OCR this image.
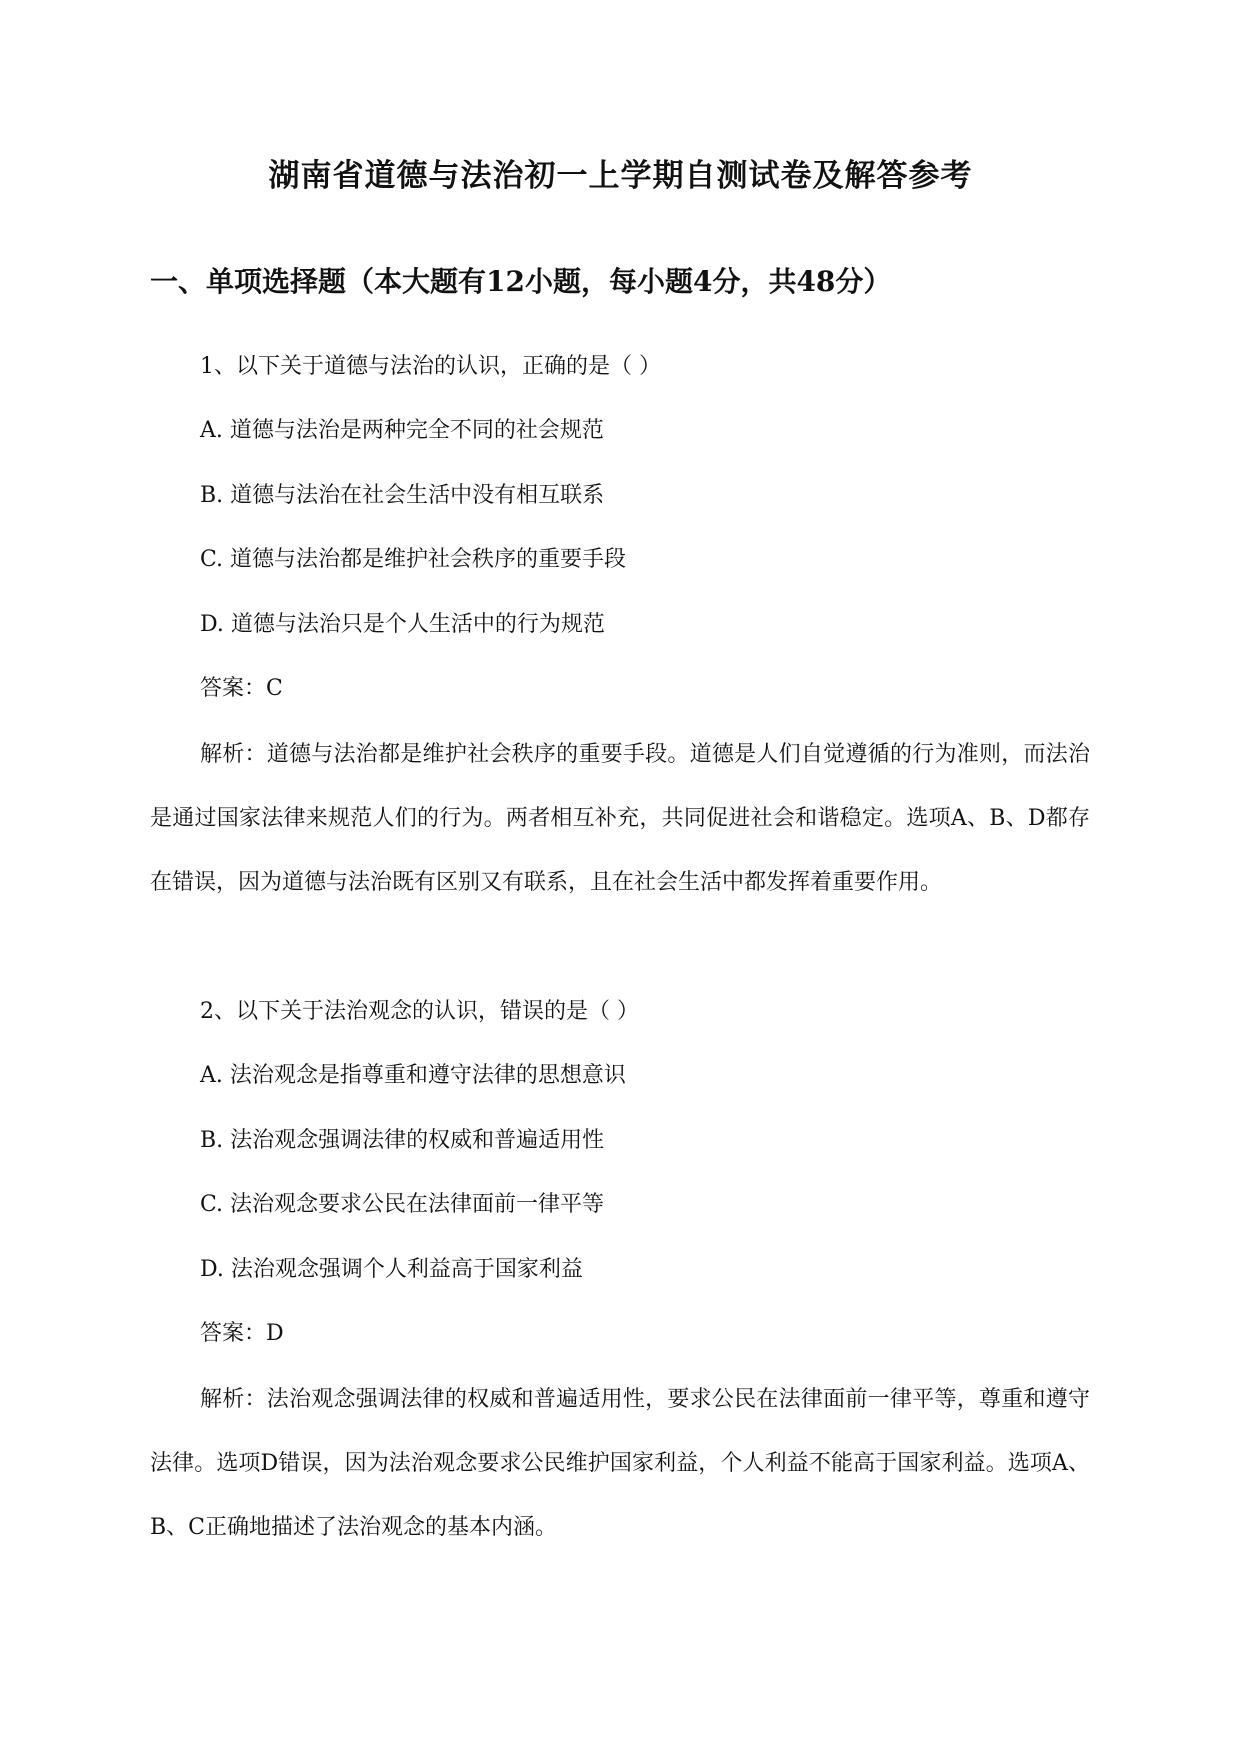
湖南省道德与法治初一上学期自测试卷及解答参考
一、单项选择题（本大题有12小题，每小题4分，共48分）
1、以下关于道德与法治的认识，正确的是（ ）
A. 道德与法治是两种完全不同的社会规范
B. 道德与法治在社会生活中没有相互联系
C. 道德与法治都是维护社会秩序的重要手段
D. 道德与法治只是个人生活中的行为规范
答案：C
解析：道德与法治都是维护社会秩序的重要手段。道德是人们自觉遵循的行为准则，而法治是通过国家法律来规范人们的行为。两者相互补充，共同促进社会和谐稳定。选项A、B、D都存在错误，因为道德与法治既有区别又有联系，且在社会生活中都发挥着重要作用。
2、以下关于法治观念的认识，错误的是（ ）
A. 法治观念是指尊重和遵守法律的思想意识
B. 法治观念强调法律的权威和普遍适用性
C. 法治观念要求公民在法律面前一律平等
D. 法治观念强调个人利益高于国家利益
答案：D
解析：法治观念强调法律的权威和普遍适用性，要求公民在法律面前一律平等，尊重和遵守法律。选项D错误，因为法治观念要求公民维护国家利益，个人利益不能高于国家利益。选项A、B、C正确地描述了法治观念的基本内涵。
